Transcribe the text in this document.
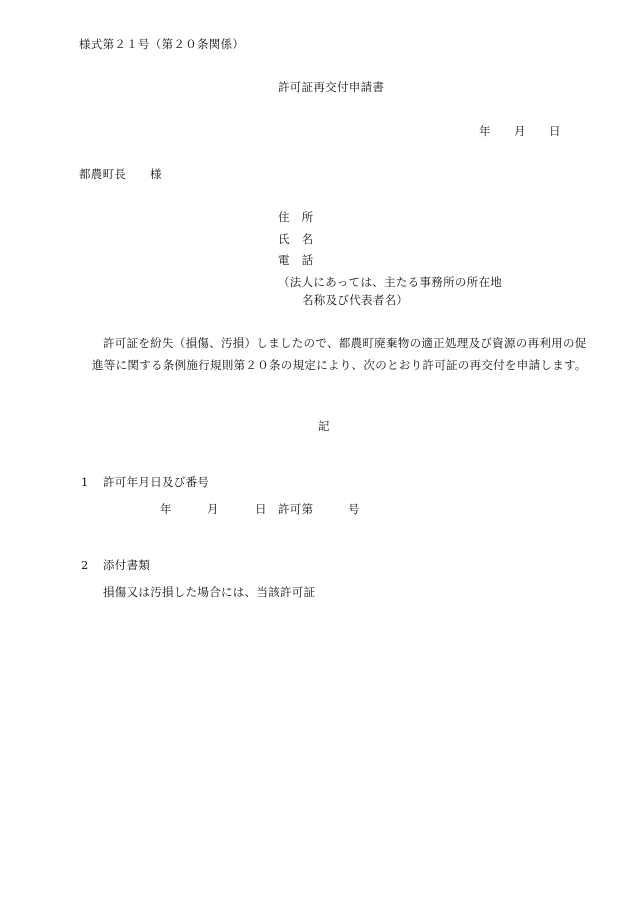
様式第２１号（第２０条関係）
許可証再交付申請書
年 月 日
都農町長 様
住　所
氏　名
電　話
（法人にあっては、主たる事務所の所在地
名称及び代表者名）
許可証を紛失（損傷、汚損）しましたので、都農町廃棄物の適正処理及び資源の再利用の促
進等に関する条例施行規則第２０条の規定により、次のとおり許可証の再交付を申請します。
記
1 許可年月日及び番号
年	月	日 許可第	号
2 添付書類
損傷又は汚損した場合には、当該許可証
